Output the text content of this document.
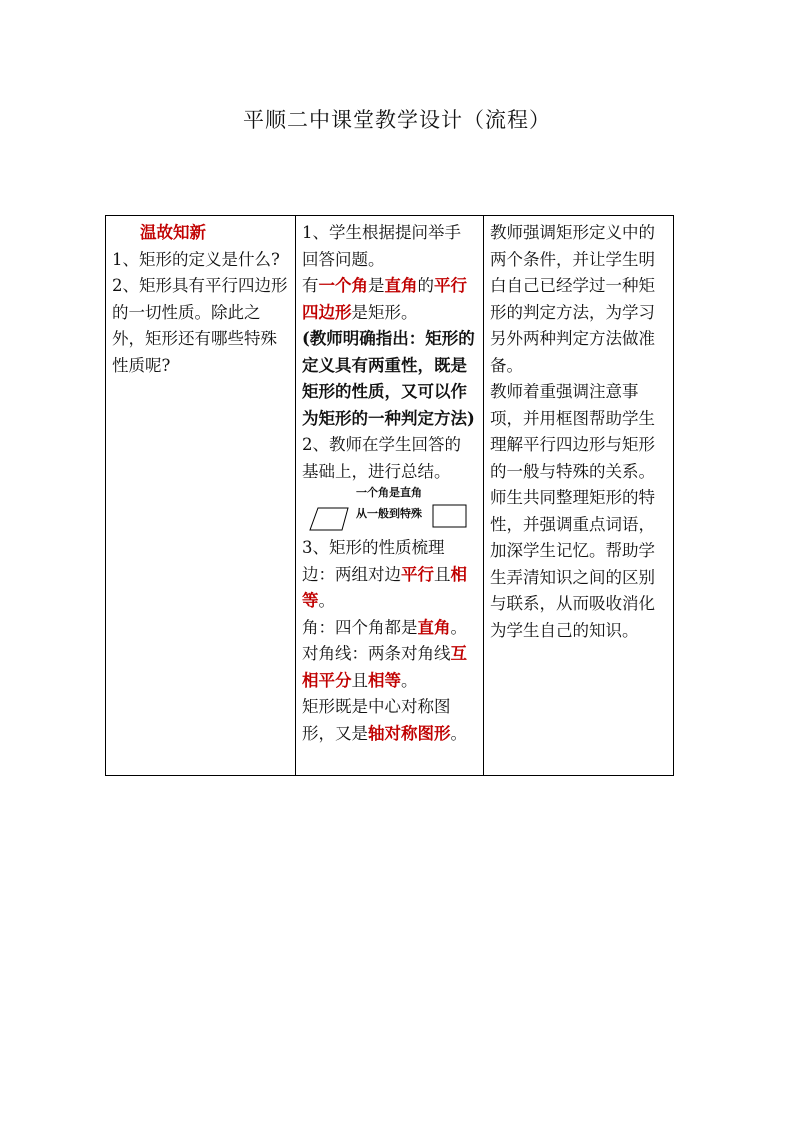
平顺二中课堂教学设计（流程）

温故知新

1、矩形的定义是什么?

2、矩形具有平行四边形的一切性质。除此之外，矩形还有哪些特殊性质呢?

1、学生根据提问举手回答问题。

有一个角是直角的平行四边形是矩形。

(教师明确指出：矩形的定义具有两重性，既是矩形的性质，又可以作为矩形的一种判定方法)

2、教师在学生回答的基础上，进行总结。

一个角是直角
从一般到特殊

3、矩形的性质梳理

边：两组对边平行且相等。

角：四个角都是直角。

对角线：两条对角线互相平分且相等。

矩形既是中心对称图形，又是轴对称图形。

教师强调矩形定义中的两个条件，并让学生明白自己已经学过一种矩形的判定方法，为学习另外两种判定方法做准备。

教师着重强调注意事项，并用框图帮助学生理解平行四边形与矩形的一般与特殊的关系。

师生共同整理矩形的特性，并强调重点词语，加深学生记忆。帮助学生弄清知识之间的区别与联系，从而吸收消化为学生自己的知识。
